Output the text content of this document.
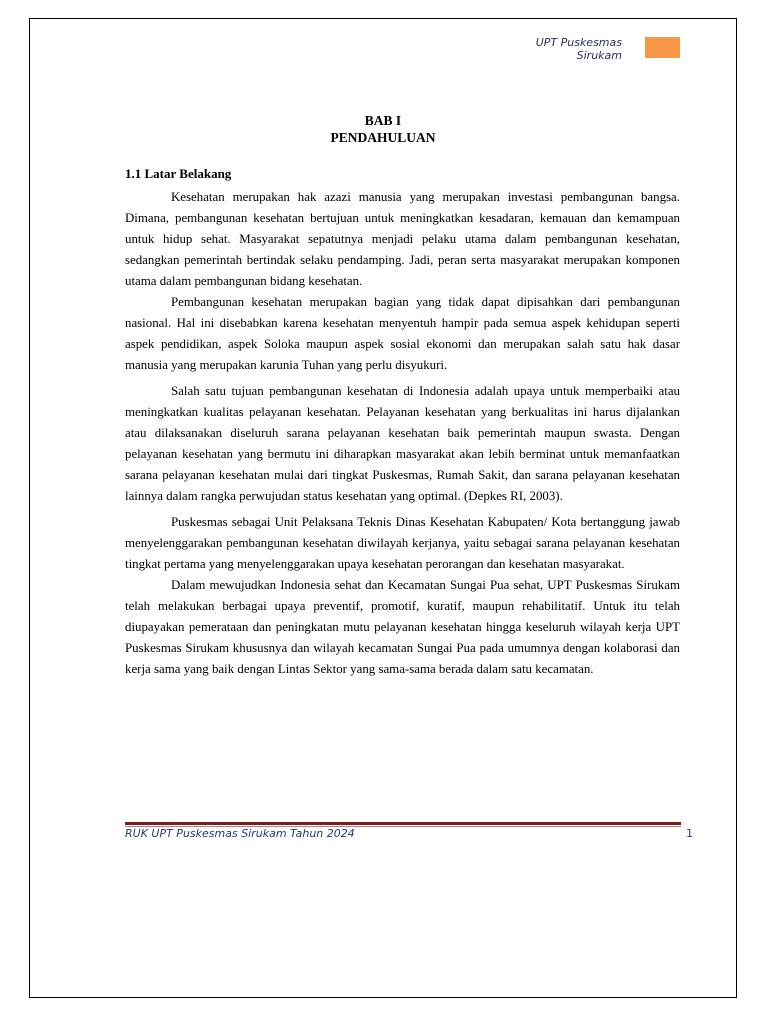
UPT Puskesmas
Sirukam
BAB I
PENDAHULUAN
1.1 Latar Belakang

Kesehatan merupakan hak azazi manusia yang merupakan investasi pembangunan bangsa. Dimana, pembangunan kesehatan bertujuan untuk meningkatkan kesadaran, kemauan dan kemampuan untuk hidup sehat. Masyarakat sepatutnya menjadi pelaku utama dalam pembangunan kesehatan, sedangkan pemerintah bertindak selaku pendamping. Jadi, peran serta masyarakat merupakan komponen utama dalam pembangunan bidang kesehatan.

Pembangunan kesehatan merupakan bagian yang tidak dapat dipisahkan dari pembangunan nasional. Hal ini disebabkan karena kesehatan menyentuh hampir pada semua aspek kehidupan seperti aspek pendidikan, aspek Soloka maupun aspek sosial ekonomi dan merupakan salah satu hak dasar manusia yang merupakan karunia Tuhan yang perlu disyukuri.

Salah satu tujuan pembangunan kesehatan di Indonesia adalah upaya untuk memperbaiki atau meningkatkan kualitas pelayanan kesehatan. Pelayanan kesehatan yang berkualitas ini harus dijalankan atau dilaksanakan diseluruh sarana pelayanan kesehatan baik pemerintah maupun swasta. Dengan pelayanan kesehatan yang bermutu ini diharapkan masyarakat akan lebih berminat untuk memanfaatkan sarana pelayanan kesehatan mulai dari tingkat Puskesmas, Rumah Sakit, dan sarana pelayanan kesehatan lainnya dalam rangka perwujudan status kesehatan yang optimal. (Depkes RI, 2003).

Puskesmas sebagai Unit Pelaksana Teknis Dinas Kesehatan Kabupaten/ Kota bertanggung jawab menyelenggarakan pembangunan kesehatan diwilayah kerjanya, yaitu sebagai sarana pelayanan kesehatan tingkat pertama yang menyelenggarakan upaya kesehatan perorangan dan kesehatan masyarakat.

Dalam mewujudkan Indonesia sehat dan Kecamatan Sungai Pua sehat, UPT Puskesmas Sirukam telah melakukan berbagai upaya preventif, promotif, kuratif, maupun rehabilitatif. Untuk itu telah diupayakan pemerataan dan peningkatan mutu pelayanan kesehatan hingga keseluruh wilayah kerja UPT Puskesmas Sirukam khususnya dan wilayah kecamatan Sungai Pua pada umumnya dengan kolaborasi dan kerja sama yang baik dengan Lintas Sektor yang sama-sama berada dalam satu kecamatan.

RUK UPT Puskesmas Sirukam Tahun 2024	1
